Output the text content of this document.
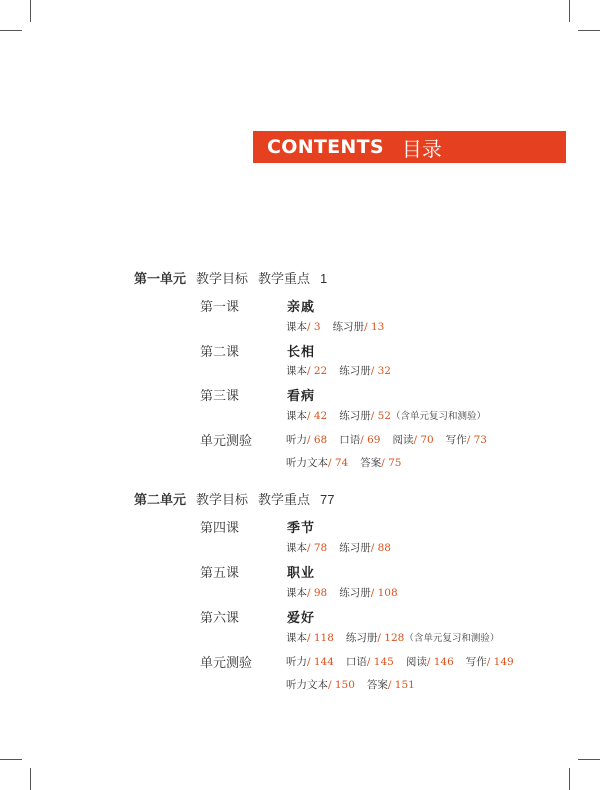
CONTENTS 目录
第一单元 教学目标 教学重点 1
第一课	亲戚
课本/ 3 练习册/ 13
第二课	长相
课本/ 22 练习册/ 32
第三课	看病
课本/ 42 练习册/ 52（含单元复习和测验）
单元测验	听力/ 68 口语/ 69 阅读/ 70 写作/ 73
听力文本/ 74 答案/ 75
第二单元 教学目标 教学重点 77
第四课	季节
课本/ 78 练习册/ 88
第五课	职业
课本/ 98 练习册/ 108
第六课	爱好
课本/ 118 练习册/ 128（含单元复习和测验）
单元测验	听力/ 144 口语/ 145 阅读/ 146 写作/ 149
听力文本/ 150 答案/ 151
